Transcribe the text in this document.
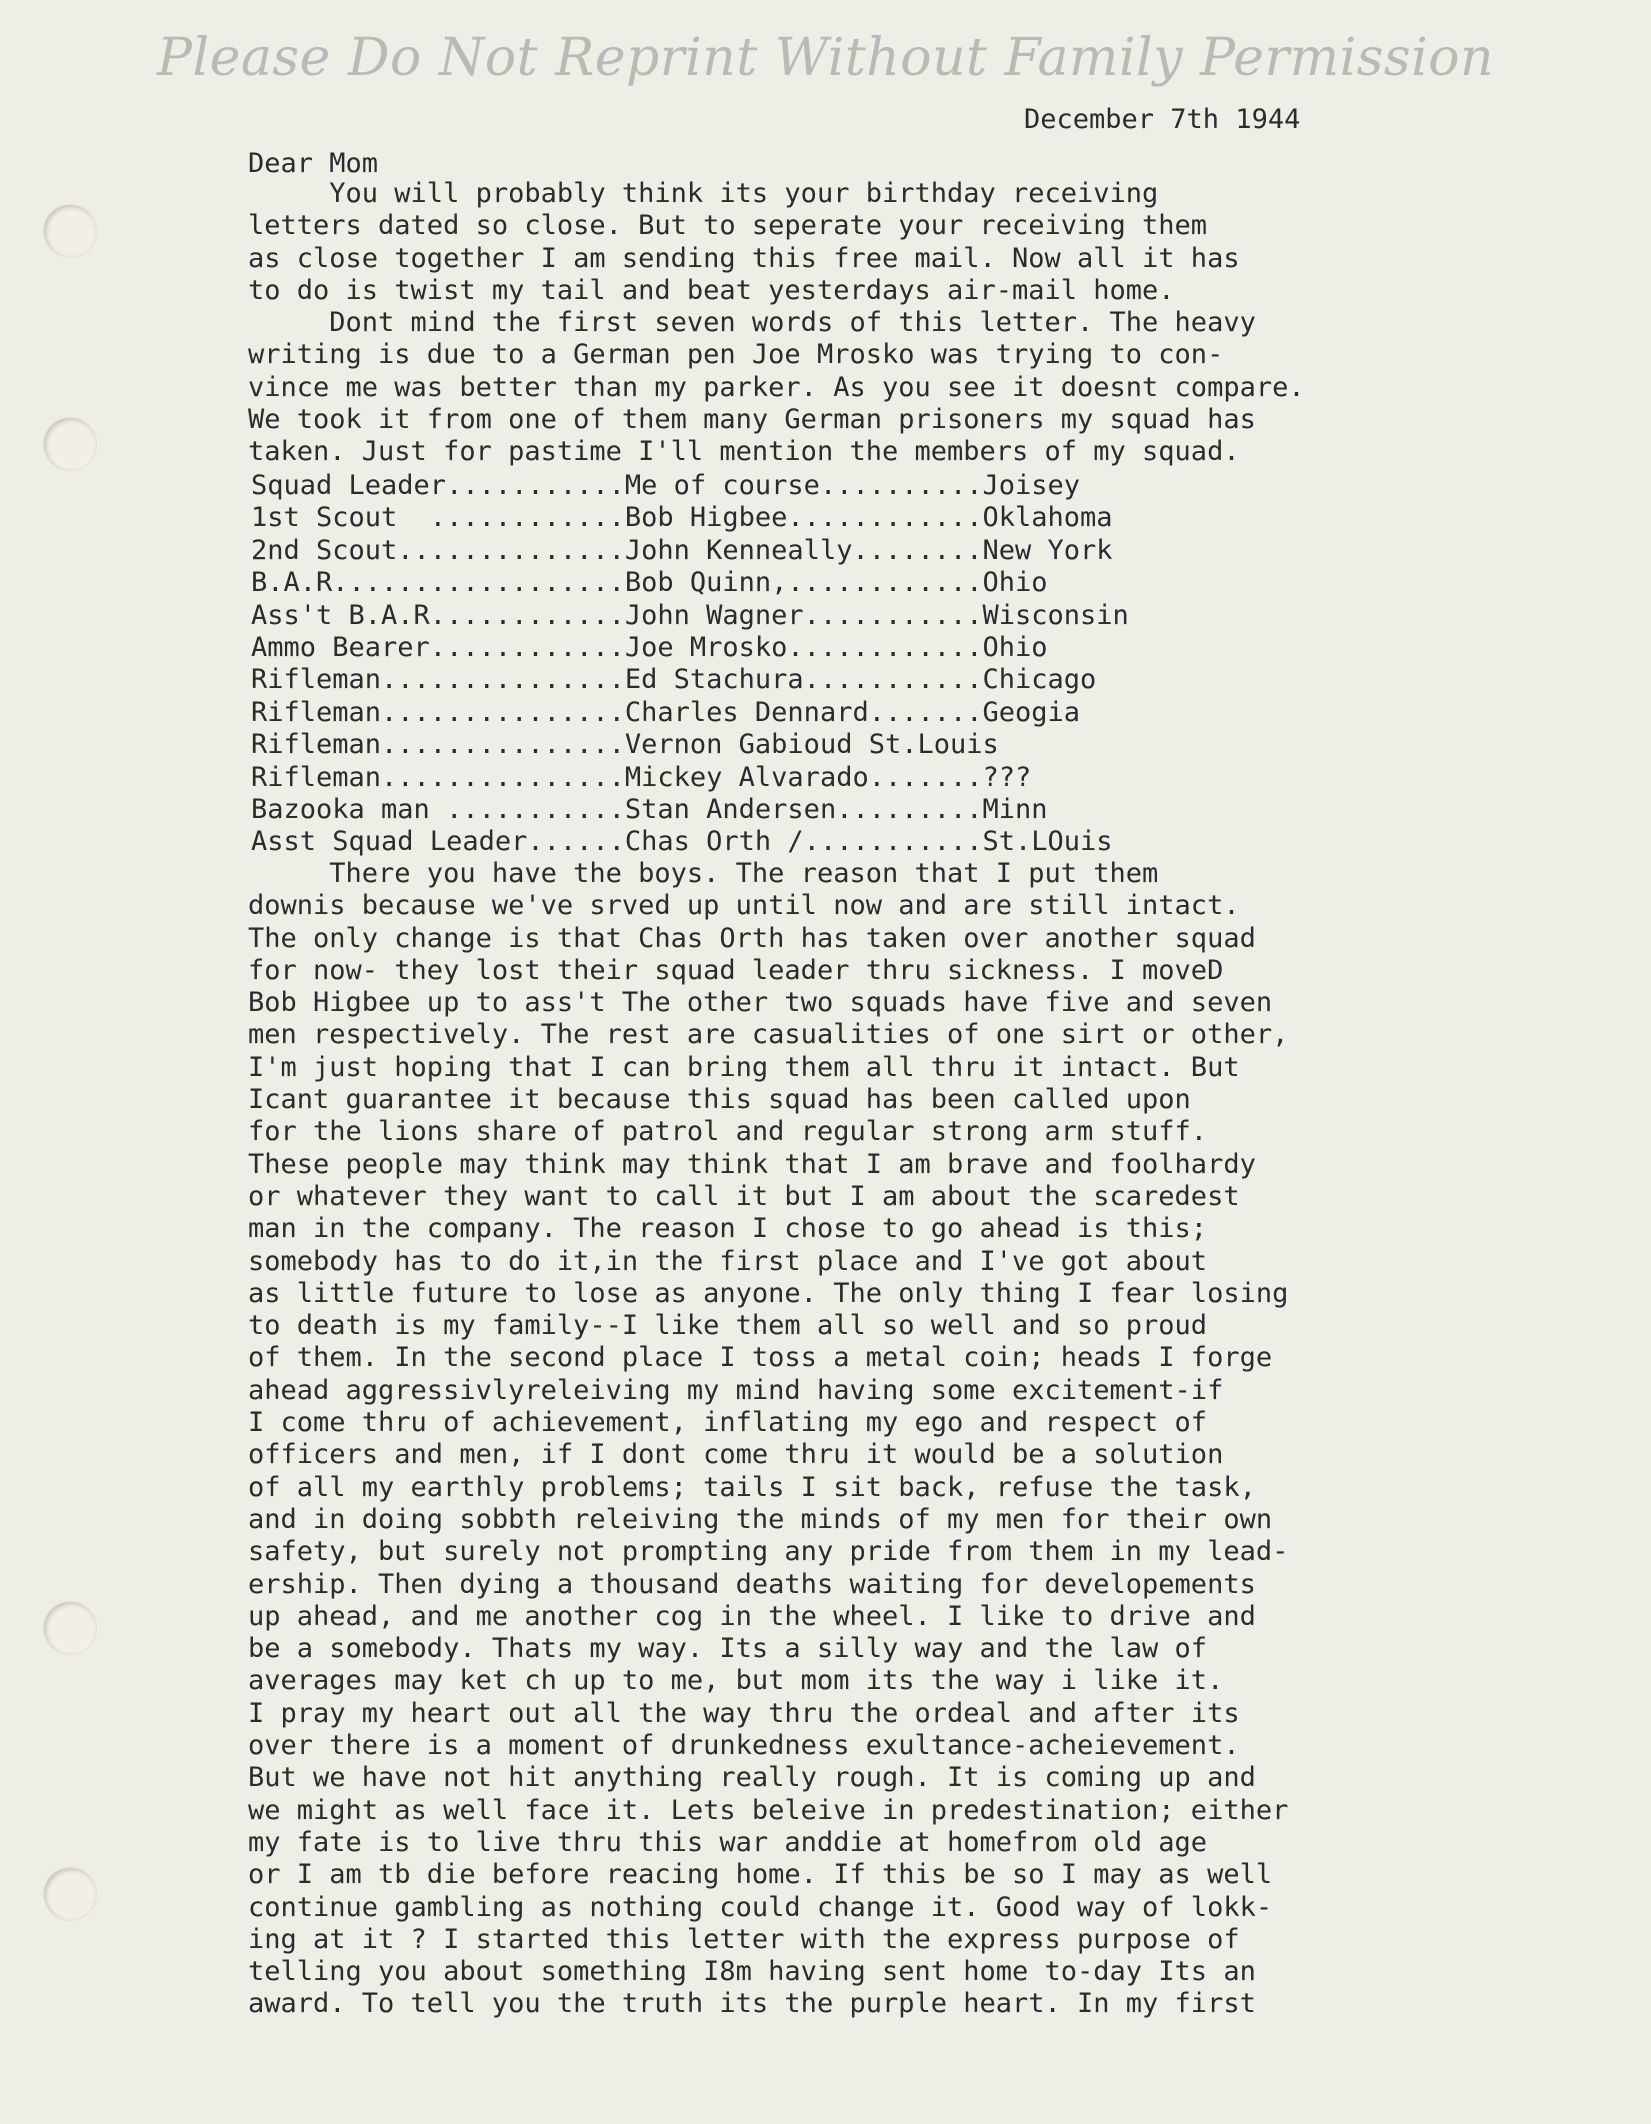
Please Do Not Reprint Without Family Permission
December 7th 1944
Dear Mom
You will probably think its your birthday receiving
letters dated so close. But to seperate your receiving them
as close together I am sending this free mail. Now all it has
to do is twist my tail and beat yesterdays air-mail home.
Dont mind the first seven words of this letter. The heavy
writing is due to a German pen Joe Mrosko was trying to con-
vince me was better than my parker. As you see it doesnt compare.
We took it from one of them many German prisoners my squad has
taken. Just for pastime I'll mention the members of my squad.
Squad Leader...........Me of course..........Joisey
1st Scout  ............Bob Higbee............Oklahoma
2nd Scout..............John Kenneally........New York
B.A.R..................Bob Quinn,............Ohio
Ass't B.A.R............John Wagner...........Wisconsin
Ammo Bearer............Joe Mrosko............Ohio
Rifleman...............Ed Stachura...........Chicago
Rifleman...............Charles Dennard.......Geogia
Rifleman...............Vernon Gabioud St.Louis
Rifleman...............Mickey Alvarado.......???
Bazooka man ...........Stan Andersen.........Minn
Asst Squad Leader......Chas Orth /...........St.LOuis
There you have the boys. The reason that I put them
downis because we've srved up until now and are still intact.
The only change is that Chas Orth has taken over another squad
for now- they lost their squad leader thru sickness. I moveD
Bob Higbee up to ass't The other two squads have five and seven
men respectively. The rest are casualities of one sirt or other,
I'm just hoping that I can bring them all thru it intact. But
Icant guarantee it because this squad has been called upon
for the lions share of patrol and regular strong arm stuff.
These people may think may think that I am brave and foolhardy
or whatever they want to call it but I am about the scaredest
man in the company. The reason I chose to go ahead is this;
somebody has to do it,in the first place and I've got about
as little future to lose as anyone. The only thing I fear losing
to death is my family--I like them all so well and so proud
of them. In the second place I toss a metal coin; heads I forge
ahead aggressivlyreleiving my mind having some excitement-if
I come thru of achievement, inflating my ego and respect of
officers and men, if I dont come thru it would be a solution
of all my earthly problems; tails I sit back, refuse the task,
and in doing sobbth releiving the minds of my men for their own
safety, but surely not prompting any pride from them in my lead-
ership. Then dying a thousand deaths waiting for developements
up ahead, and me another cog in the wheel. I like to drive and
be a somebody. Thats my way. Its a silly way and the law of
averages may ket ch up to me, but mom its the way i like it.
I pray my heart out all the way thru the ordeal and after its
over there is a moment of drunkedness exultance-acheievement.
But we have not hit anything really rough. It is coming up and
we might as well face it. Lets beleive in predestination; either
my fate is to live thru this war anddie at homefrom old age
or I am tb die before reacing home. If this be so I may as well
continue gambling as nothing could change it. Good way of lokk-
ing at it ? I started this letter with the express purpose of
telling you about something I8m having sent home to-day Its an
award. To tell you the truth its the purple heart. In my first
